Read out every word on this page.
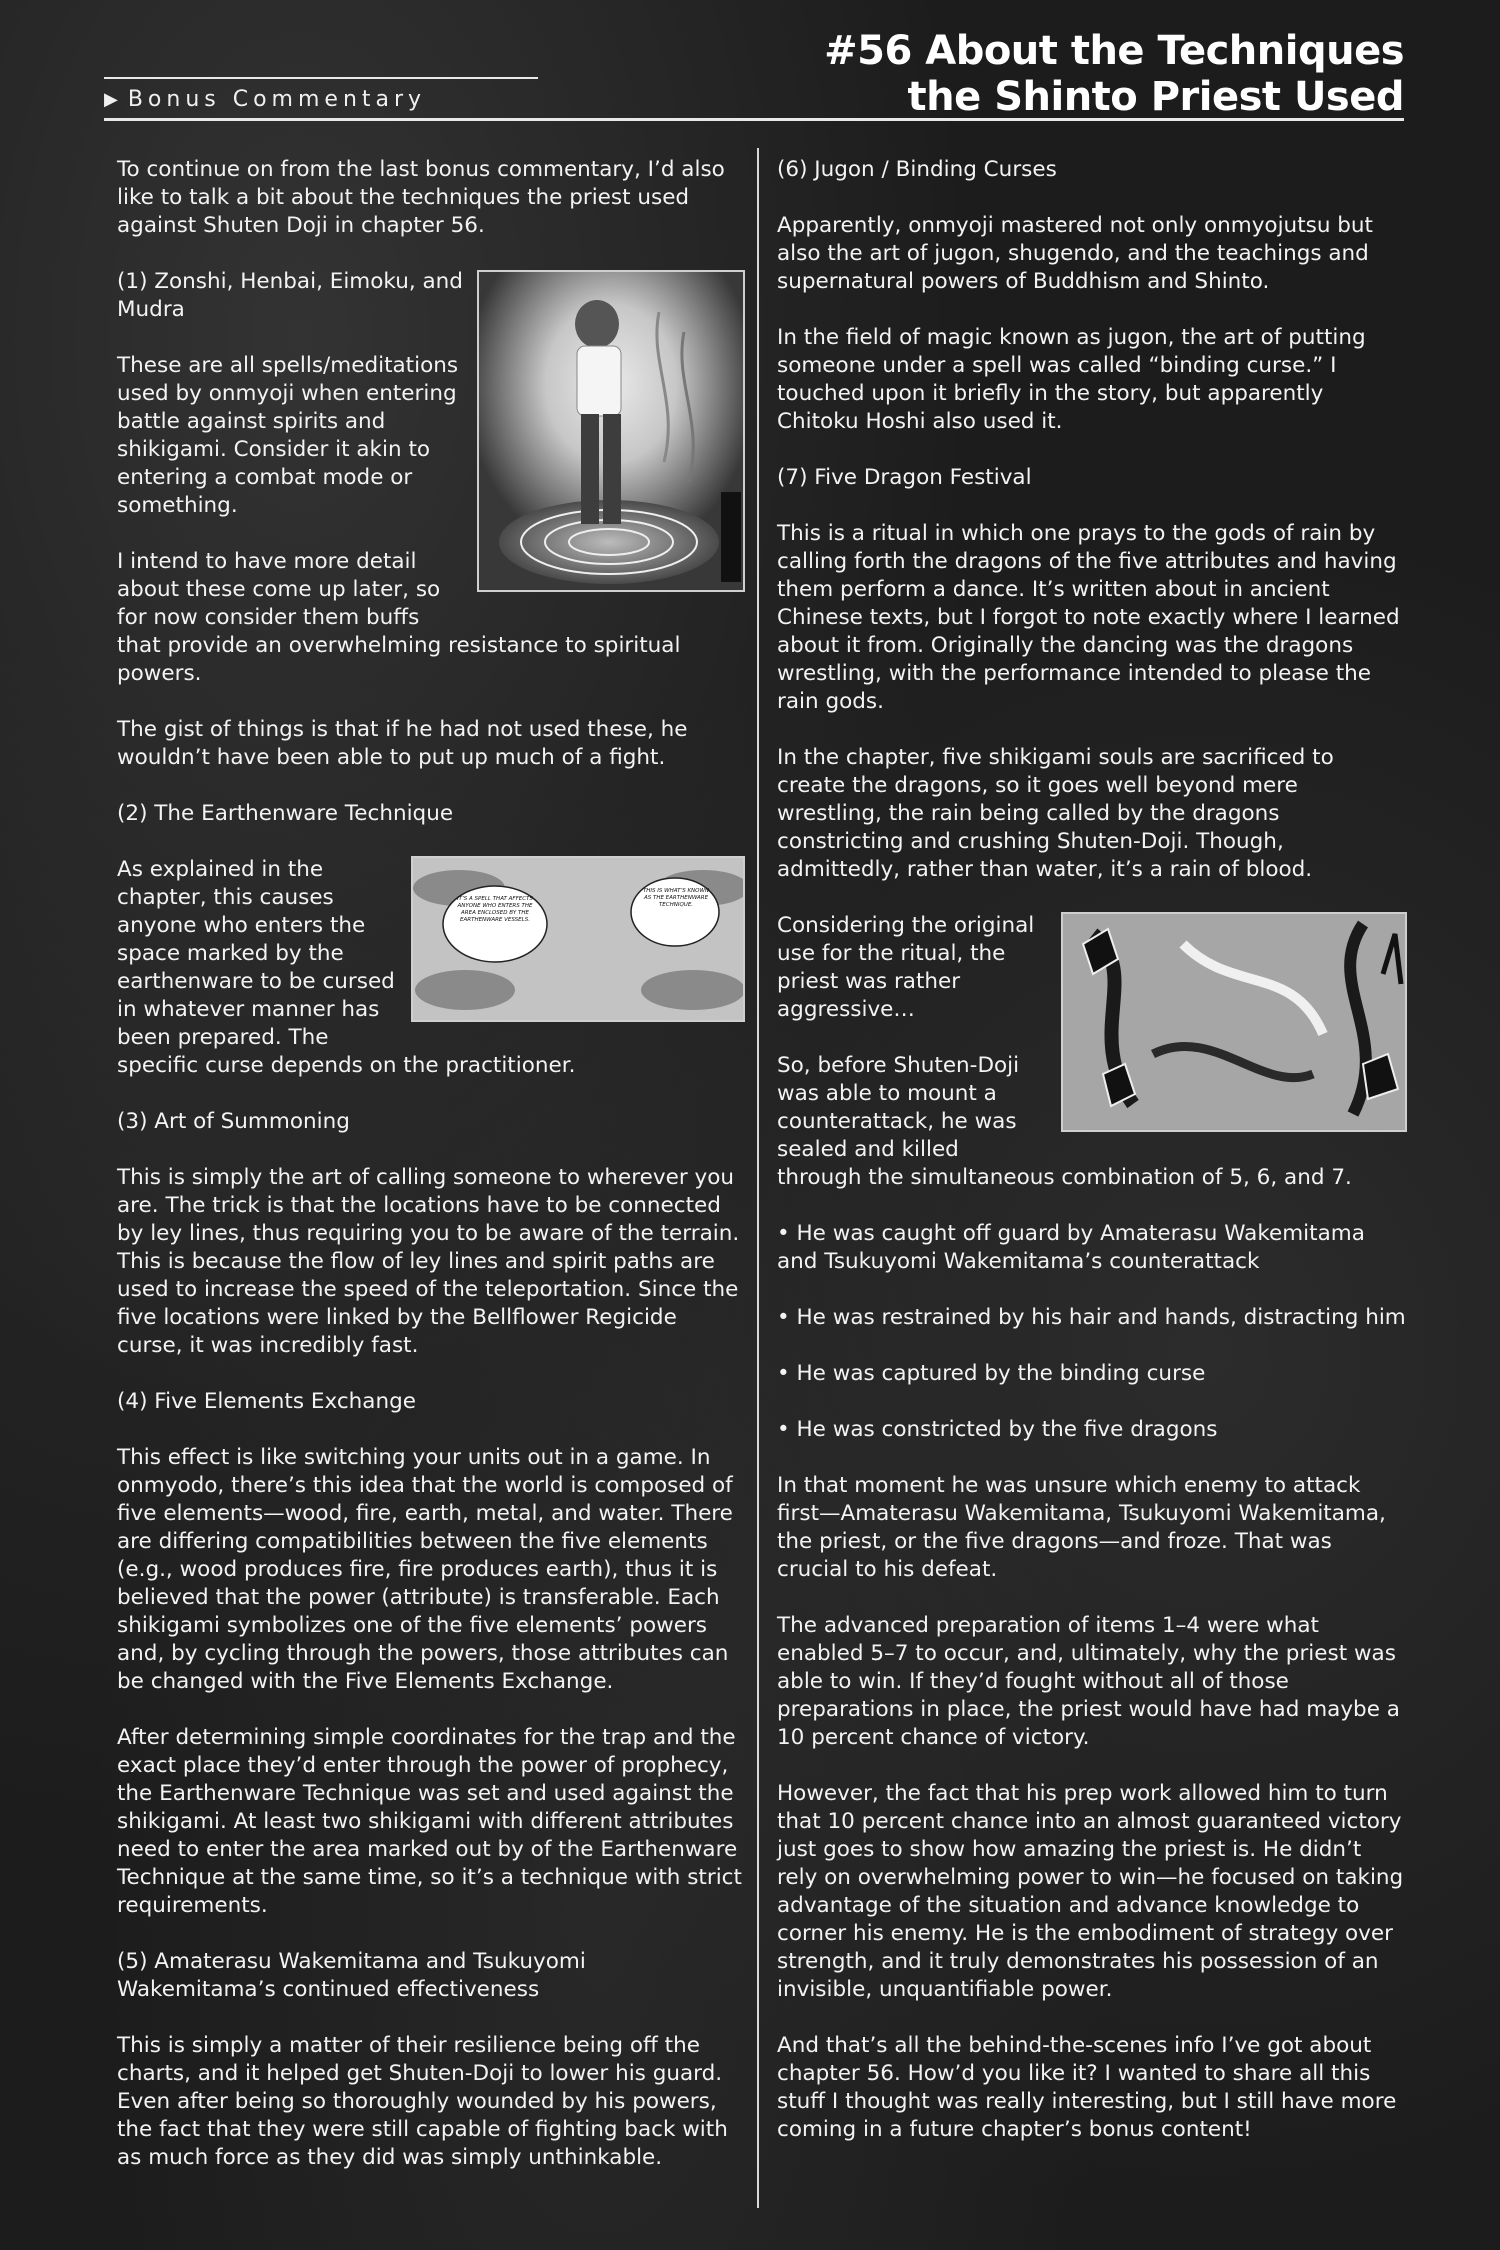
▶ Bonus Commentary
#56 About the Techniques
the Shinto Priest Used

To continue on from the last bonus commentary, I’d also like to talk a bit about the techniques the priest used against Shuten Doji in chapter 56.

(1) Zonshi, Henbai, Eimoku, and Mudra

These are all spells/meditations used by onmyoji when entering battle against spirits and shikigami. Consider it akin to entering a combat mode or something.

I intend to have more detail about these come up later, so for now consider them buffs that provide an overwhelming resistance to spiritual powers.

The gist of things is that if he had not used these, he wouldn’t have been able to put up much of a fight.

(2) The Earthenware Technique

IT’S A SPELL THAT AFFECTS ANYONE WHO ENTERS THE AREA ENCLOSED BY THE EARTHENWARE VESSELS.
THIS IS WHAT’S KNOWN AS THE EARTHENWARE TECHNIQUE.

As explained in the chapter, this causes anyone who enters the space marked by the earthenware to be cursed in whatever manner has been prepared. The specific curse depends on the practitioner.

(3) Art of Summoning

This is simply the art of calling someone to wherever you are. The trick is that the locations have to be connected by ley lines, thus requiring you to be aware of the terrain. This is because the flow of ley lines and spirit paths are used to increase the speed of the teleportation. Since the five locations were linked by the Bellflower Regicide curse, it was incredibly fast.

(4) Five Elements Exchange

This effect is like switching your units out in a game. In onmyodo, there’s this idea that the world is composed of five elements—wood, fire, earth, metal, and water. There are differing compatibilities between the five elements (e.g., wood produces fire, fire produces earth), thus it is believed that the power (attribute) is transferable. Each shikigami symbolizes one of the five elements’ powers and, by cycling through the powers, those attributes can be changed with the Five Elements Exchange.

After determining simple coordinates for the trap and the exact place they’d enter through the power of prophecy, the Earthenware Technique was set and used against the shikigami. At least two shikigami with different attributes need to enter the area marked out by of the Earthenware Technique at the same time, so it’s a technique with strict requirements.

(5) Amaterasu Wakemitama and Tsukuyomi Wakemitama’s continued effectiveness

This is simply a matter of their resilience being off the charts, and it helped get Shuten-Doji to lower his guard. Even after being so thoroughly wounded by his powers, the fact that they were still capable of fighting back with as much force as they did was simply unthinkable.

(6) Jugon / Binding Curses

Apparently, onmyoji mastered not only onmyojutsu but also the art of jugon, shugendo, and the teachings and supernatural powers of Buddhism and Shinto.

In the field of magic known as jugon, the art of putting someone under a spell was called “binding curse.” I touched upon it briefly in the story, but apparently Chitoku Hoshi also used it.

(7) Five Dragon Festival

This is a ritual in which one prays to the gods of rain by calling forth the dragons of the five attributes and having them perform a dance. It’s written about in ancient Chinese texts, but I forgot to note exactly where I learned about it from. Originally the dancing was the dragons wrestling, with the performance intended to please the rain gods.

In the chapter, five shikigami souls are sacrificed to create the dragons, so it goes well beyond mere wrestling, the rain being called by the dragons constricting and crushing Shuten-Doji. Though, admittedly, rather than water, it’s a rain of blood.

Considering the original use for the ritual, the priest was rather aggressive…

So, before Shuten-Doji was able to mount a counterattack, he was sealed and killed through the simultaneous combination of 5, 6, and 7.

• He was caught off guard by Amaterasu Wakemitama and Tsukuyomi Wakemitama’s counterattack

• He was restrained by his hair and hands, distracting him

• He was captured by the binding curse

• He was constricted by the five dragons

In that moment he was unsure which enemy to attack first—Amaterasu Wakemitama, Tsukuyomi Wakemitama, the priest, or the five dragons—and froze. That was crucial to his defeat.

The advanced preparation of items 1–4 were what enabled 5–7 to occur, and, ultimately, why the priest was able to win. If they’d fought without all of those preparations in place, the priest would have had maybe a 10 percent chance of victory.

However, the fact that his prep work allowed him to turn that 10 percent chance into an almost guaranteed victory just goes to show how amazing the priest is. He didn’t rely on overwhelming power to win—he focused on taking advantage of the situation and advance knowledge to corner his enemy. He is the embodiment of strategy over strength, and it truly demonstrates his possession of an invisible, unquantifiable power.

And that’s all the behind-the-scenes info I’ve got about chapter 56. How’d you like it? I wanted to share all this stuff I thought was really interesting, but I still have more coming in a future chapter’s bonus content!
